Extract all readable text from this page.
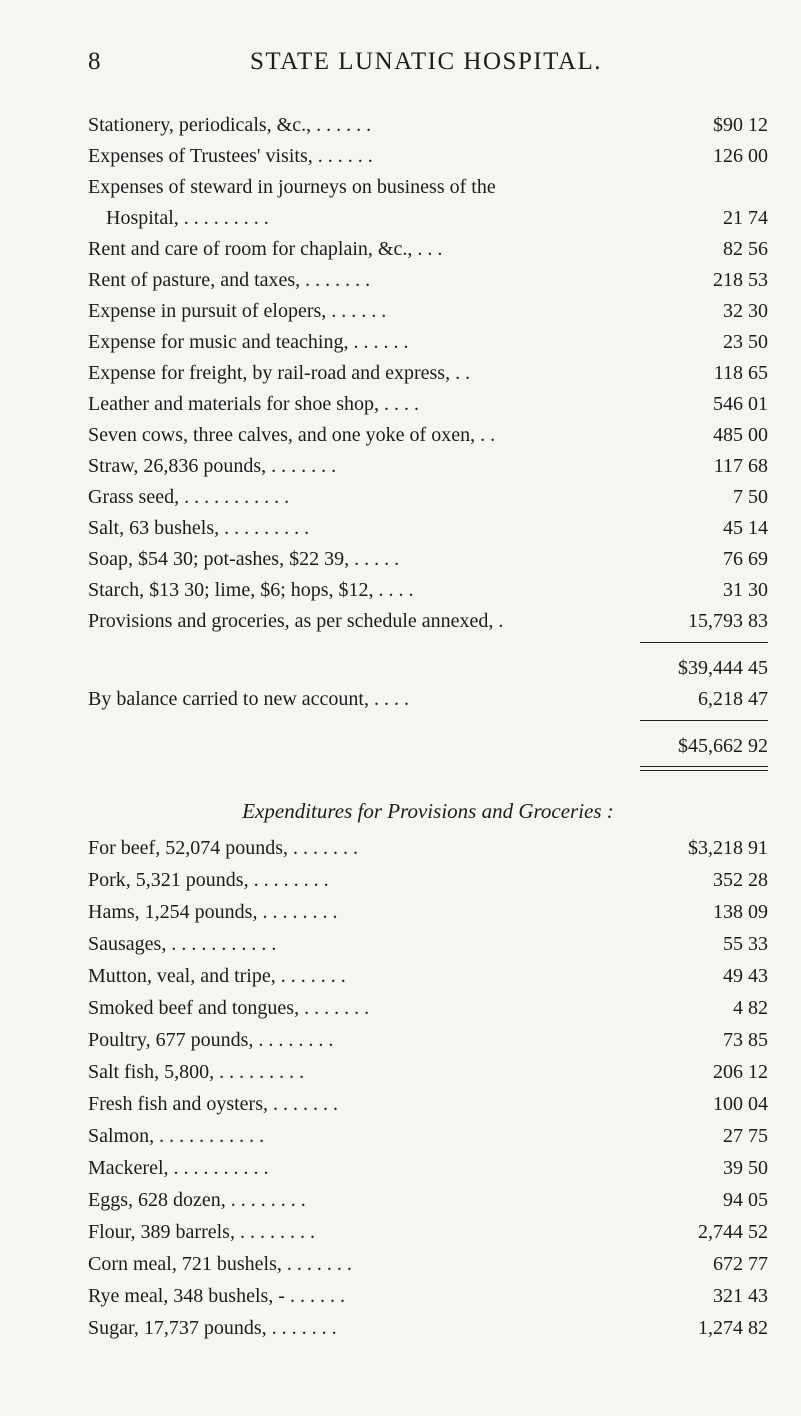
8	STATE LUNATIC HOSPITAL.
Stationery, periodicals, &c., . . . . . .	$90 12
Expenses of Trustees' visits, . . . . . .	126 00
Expenses of steward in journeys on business of the
Hospital, . . . . . . . . .	21 74
Rent and care of room for chaplain, &c., . . .	82 56
Rent of pasture, and taxes, . . . . . . .	218 53
Expense in pursuit of elopers, . . . . . .	32 30
Expense for music and teaching, . . . . . .	23 50
Expense for freight, by rail-road and express, . .	118 65
Leather and materials for shoe shop, . . . .	546 01
Seven cows, three calves, and one yoke of oxen, . .	485 00
Straw, 26,836 pounds, . . . . . . .	117 68
Grass seed, . . . . . . . . . . .	7 50
Salt, 63 bushels, . . . . . . . . .	45 14
Soap, $54 30; pot-ashes, $22 39, . . . . .	76 69
Starch, $13 30; lime, $6; hops, $12, . . . .	31 30
Provisions and groceries, as per schedule annexed, .	15,793 83
$39,444 45
By balance carried to new account, . . . .	6,218 47
$45,662 92
Expenditures for Provisions and Groceries :
For beef, 52,074 pounds, . . . . . . .	$3,218 91
Pork, 5,321 pounds, . . . . . . . .	352 28
Hams, 1,254 pounds, . . . . . . . .	138 09
Sausages, . . . . . . . . . . .	55 33
Mutton, veal, and tripe, . . . . . . .	49 43
Smoked beef and tongues, . . . . . . .	4 82
Poultry, 677 pounds, . . . . . . . .	73 85
Salt fish, 5,800, . . . . . . . . .	206 12
Fresh fish and oysters, . . . . . . .	100 04
Salmon, . . . . . . . . . . .	27 75
Mackerel, . . . . . . . . . .	39 50
Eggs, 628 dozen, . . . . . . . .	94 05
Flour, 389 barrels, . . . . . . . .	2,744 52
Corn meal, 721 bushels, . . . . . . .	672 77
Rye meal, 348 bushels, - . . . . . .	321 43
Sugar, 17,737 pounds, . . . . . . .	1,274 82
